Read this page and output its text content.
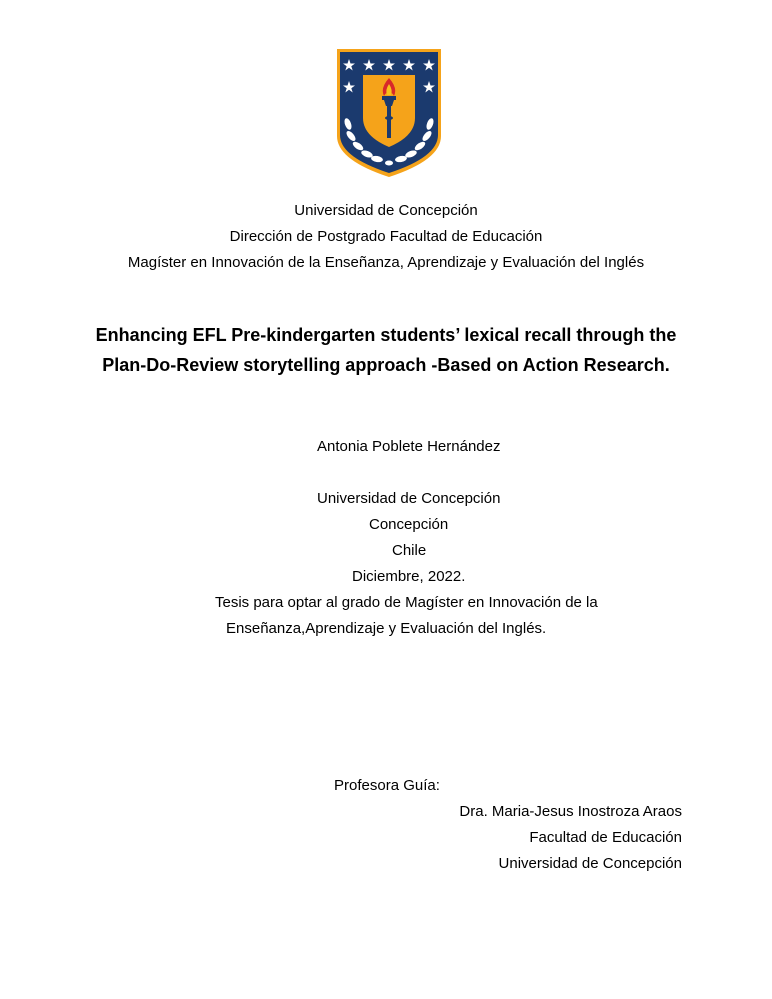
Universidad de Concepción
Dirección de Postgrado Facultad de Educación
Magíster en Innovación de la Enseñanza, Aprendizaje y Evaluación del Inglés
Enhancing EFL Pre-kindergarten students’ lexical recall through the
Plan-Do-Review storytelling approach -Based on Action Research.
Antonia Poblete Hernández
Universidad de Concepción
Concepción
Chile
Diciembre, 2022.
Tesis para optar al grado de Magíster en Innovación de la
Enseñanza,Aprendizaje y Evaluación del Inglés.
Profesora Guía:
Dra. Maria-Jesus Inostroza Araos
Facultad de Educación
Universidad de Concepción
